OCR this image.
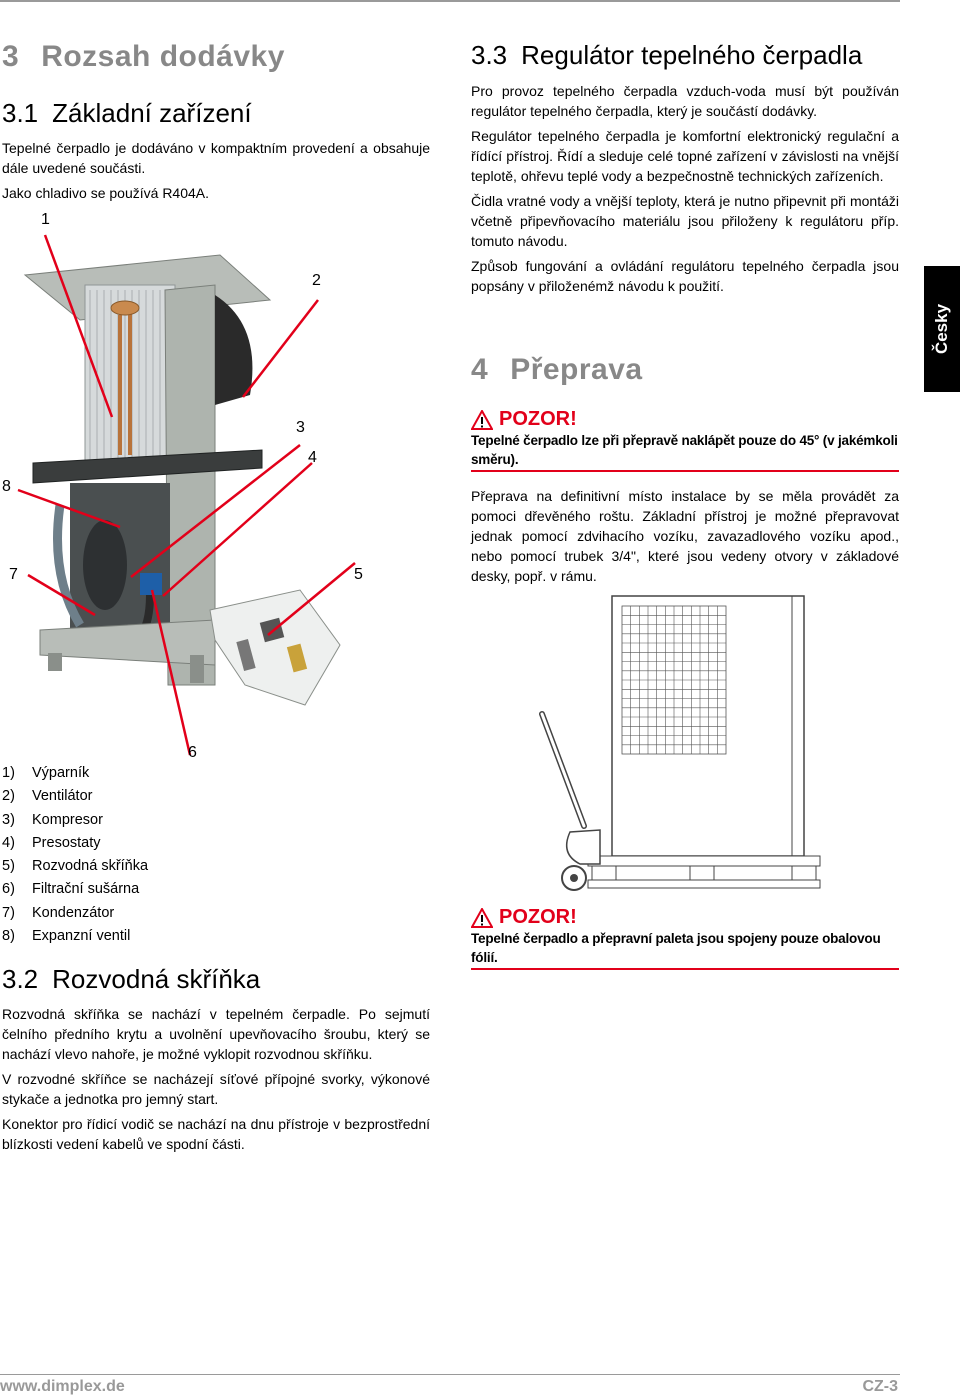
3 Rozsah dodávky
3.1 Základní zařízení

Tepelné čerpadlo je dodáváno v kompaktním provedení a obsahuje dále uvedené součásti.

Jako chladivo se používá R404A.

1
2
3
4
5
6
7
8
1)	Výparník
2)	Ventilátor
3)	Kompresor
4)	Presostaty
5)	Rozvodná skříňka
6)	Filtrační sušárna
7)	Kondenzátor
8)	Expanzní ventil
3.2 Rozvodná skříňka

Rozvodná skříňka se nachází v tepelném čerpadle. Po sejmutí čelního předního krytu a uvolnění upevňovacího šroubu, který se nachází vlevo nahoře, je možné vyklopit rozvodnou skříňku.

V rozvodné skříňce se nacházejí síťové přípojné svorky, výkonové stykače a jednotka pro jemný start.

Konektor pro řídicí vodič se nachází na dnu přístroje v bezprostřední blízkosti vedení kabelů ve spodní části.

3.3 Regulátor tepelného čerpadla

Pro provoz tepelného čerpadla vzduch-voda musí být používán regulátor tepelného čerpadla, který je součástí dodávky.

Regulátor tepelného čerpadla je komfortní elektronický regulační a řídící přístroj. Řídí a sleduje celé topné zařízení v závislosti na vnější teplotě, ohřevu teplé vody a bezpečnostně technických zařízeních.

Čidla vratné vody a vnější teploty, která je nutno připevnit při montáži včetně připevňovacího materiálu jsou přiloženy k regulátoru příp. tomuto návodu.

Způsob fungování a ovládání regulátoru tepelného čerpadla jsou popsány v přiloženémž návodu k použití.

4 Přeprava
POZOR!
Tepelné čerpadlo lze při přepravě naklápět pouze do 45° (v jakémkoli směru).

Přeprava na definitivní místo instalace by se měla provádět za pomoci dřevěného roštu. Základní přístroj je možné přepravovat jednak pomocí zdvihacího vozíku, zavazadlového vozíku apod., nebo pomocí trubek 3/4", které jsou vedeny otvory v základové desky, popř. v rámu.

POZOR!
Tepelné čerpadlo a přepravní paleta jsou spojeny pouze obalovou fólií.
Česky
www.dimplex.de	CZ-3
